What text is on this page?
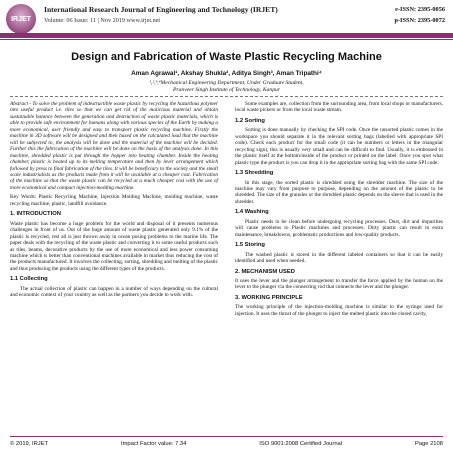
IRJET
International Research Journal of Engineering and Technology (IRJET)
Volume: 06 Issue: 11 | Nov 2019 www.irjet.net
e-ISSN: 2395-0056
p-ISSN: 2395-0072
Design and Fabrication of Waste Plastic Recycling Machine
Aman Agrawal¹, Akshay Shukla², Aditya Singh³, Aman Tripathi⁴
¹,²,³,⁴Mechanical Engineering Department, Under Graduate Student,
Pranveer Singh Institute of Technology, Kanpur

Abstract - To solve the problem of indestructible waste plastic by recycling the hazardous polymer into useful product i.e. tiles so that we can get rid of the malicious material and obtain sustainable balance between the generation and destruction of waste plastic materials, which is able to provide safe environment for humans along with various species of the Earth by making a more economical, user friendly and easy to transport plastic recycling machine. Firstly the machine in 3D software will be designed and then based on the calculated load that the machine will be subjected to, the analysis will be done and the material of the machine will be decided. Further this the fabrication of the machine will be done on the basis of the analysis done. In this machine, shredded plastic is put through the hopper into heating chamber. Inside the heating chamber, plastic is heated up to its melting temperature and then by lever arrangement which followed by press to final fabrication of the tiles. It will be beneficiary to the society and the small scale industrialists as the products made from it will be available at a cheaper cost. Fabrication of the machine so that the waste plastic can be recycled at a much cheaper cost with the use of more economical and compact injection-molding machine.

Key Words: Plastic Recycling Machine, Injection Molding Machine, molding machine, waste recycling machine, plastic, landfill avoidance.

1. INTRODUCTION

Waste plastic has become a huge problem for the world and disposal of it presents numerous challenges in front of us. Out of the huge amount of waste plastic generated only 9.1% of the plastic is recycled, rest all is just thrown away in ocean posing problems to the marine life. The paper deals with the recycling of the waste plastic and converting it to some useful products such as tiles, beams, decorative products by the use of more economical and less power consuming machine which is better than conventional machines available in market thus reducing the cost of the products manufactured. It involves the collecting, sorting, shredding and melting of the plastic and thus producing the products using the different types of the products.

1.1 Collecting

The actual collection of plastic can happen in a number of ways depending on the cultural and economic context of your country as well as the partners you decide to work with.

Some examples are, collection from the surrounding area, from local shops or manufacturers, local waste pickers or from the local waste stream.

1.2 Sorting

Sorting is done manually by checking the SPI code. Once the unsorted plastic comes in the workspace you should separate it in the relevant sorting bags (labelled with appropriate SPI code). Check each product for the small code (it can be numbers or letters in the triangular recycling sign), this is usually very small and can be difficult to find. Usually, it is embossed in the plastic itself at the bottom/inside of the product or printed on the label. Once you spot what plastic type the product is you can drop it in the appropriate sorting bag with the same SPI code.

1.3 Shredding

In this stage, the sorted plastic is shredded using the shredder machine. The size of the machine may vary from purpose to purpose, depending on the amount of the plastic to be shredded. The size of the granules or the shredded plastic depends on the sleeve that is used in the shredder.

1.4 Washing

Plastic needs to be clean before undergoing recycling processes. Dust, dirt and impurities will cause problems to Plastic machines and processes. Dirty plastic can result in extra maintenance, breakdowns, problematic productions and low-quality products.

1.5 Storing

The washed plastic is stored in the different labeled containers so that it can be easily identified and used when needed.

2. MECHANISM USED

It uses the lever and the plunger arrangement to transfer the force applied by the human on the lever to the plunger via the connecting rod that connects the lever and the plunger.

3. WORKING PRINCIPLE

The working principle of the injection-molding machine is similar to the syringe used for injection. It uses the thrust of the plunger to inject the melted plastic into the closed cavity,

© 2019, IRJET	Impact Factor value: 7.34	ISO 9001:2008 Certified Journal	Page 2108
